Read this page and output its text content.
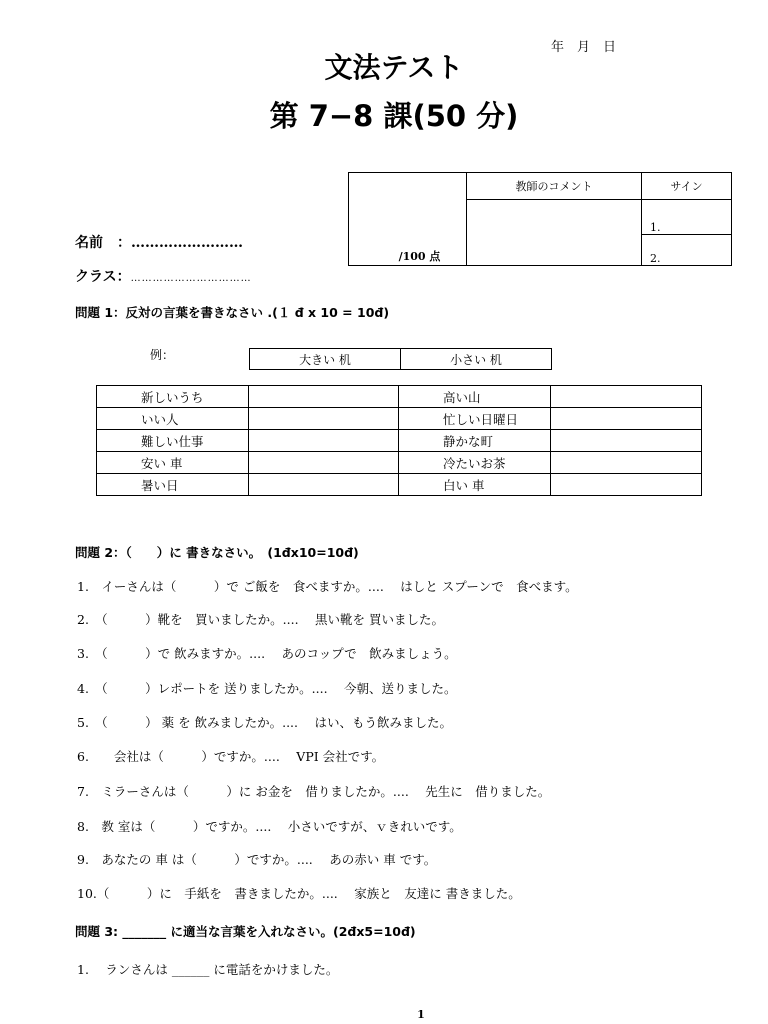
年　月　日
文法テスト
第 7−8 課(50 分)
/100 点	教師のコメント	サイン
		1.
		2.
名前　：……………………
クラス：……………………………
問題 1：反対の言葉を書きなさい .(１ đ x 10 = 10đ)
例：	大きい 机	小さい 机
新しいうち		高い山	
いい人		忙しい日曜日	
難しい仕事		静かな町	
安い 車		冷たいお茶	
暑い日		白い 車	
問題 2：（　　）に 書きなさい。　(1đx10=10đ)
1.　イーさんは（　　　）で ご飯を　食べますか。.... 　はしと スプーンで　食べます。
2.　（　　　）靴を　買いましたか。....　 黒い靴を 買いました。
3.　（　　　）で 飲みますか。.... 　あのコップで　飲みましょう。
4.　（　　　）レポートを 送りましたか。.... 　今朝、送りました。
5.　（　　　） 薬 を 飲みましたか。.... 　はい、もう飲みました。
6.　　会社は（　　　）ですか。.... 　VPI 会社です。
7.　ミラーさんは（　　　）に お金を　借りましたか。.... 　先生に　借りました。
8.　教 室は（　　　）ですか。.... 　小さいですが、ｖきれいです。
9.　あなたの 車 は（　　　）ですか。.... 　あの赤い 車 です。
10.（　　　）に　手紙を　書きましたか。.... 　家族と　友達に 書きました。
問題 3: _______ に適当な言葉を入れなさい。(2đx5=10đ)
1.　 ランさんは ______ に電話をかけました。
1
